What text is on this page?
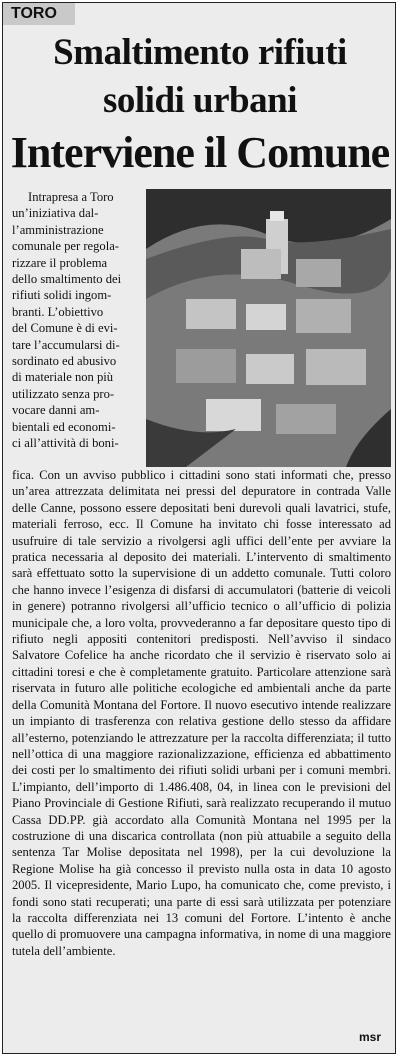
TORO
Smaltimento rifiuti
solidi urbani
Interviene il Comune

Intrapresa a Toro
un’iniziativa dal-
l’amministrazione
comunale per regola-
rizzare il problema
dello smaltimento dei
rifiuti solidi ingom-
branti. L’obiettivo
del Comune è di evi-
tare l’accumularsi di-
sordinato ed abusivo
di materiale non più
utilizzato senza pro-
vocare danni am-
bientali ed economi-
ci all’attività di boni-

fica. Con un avviso pubblico i cittadini sono stati informati che, presso un’area attrezzata delimitata nei pressi del depuratore in contrada Valle delle Canne, possono essere depositati beni durevoli quali lavatrici, stufe, materiali ferroso, ecc. Il Comune ha invitato chi fosse interessato ad usufruire di tale servizio a rivolgersi agli uffici dell’ente per avviare la pratica necessaria al deposito dei materiali. L’intervento di smaltimento sarà effettuato sotto la supervisione di un addetto comunale. Tutti coloro che hanno invece l’esigenza di disfarsi di accumulatori (batterie di veicoli in genere) potranno rivolgersi all’ufficio tecnico o all’ufficio di polizia municipale che, a loro volta, provvederanno a far depositare questo tipo di rifiuto negli appositi contenitori predisposti. Nell’avviso il sindaco Salvatore Cofelice ha anche ricordato che il servizio è riservato solo ai cittadini toresi e che è completamente gratuito. Particolare attenzione sarà riservata in futuro alle politiche ecologiche ed ambientali anche da parte della Comunità Montana del Fortore. Il nuovo esecutivo intende realizzare un impianto di trasferenza con relativa gestione dello stesso da affidare all’esterno, potenziando le attrezzature per la raccolta differenziata; il tutto nell’ottica di una maggiore razionalizzazione, efficienza ed abbattimento dei costi per lo smaltimento dei rifiuti solidi urbani per i comuni membri. L’impianto, dell’importo di 1.486.408, 04, in linea con le previsioni del Piano Provinciale di Gestione Rifiuti, sarà realizzato recuperando il mutuo Cassa DD.PP. già accordato alla Comunità Montana nel 1995 per la costruzione di una discarica controllata (non più attuabile a seguito della sentenza Tar Molise depositata nel 1998), per la cui devoluzione la Regione Molise ha già concesso il previsto nulla osta in data 10 agosto 2005. Il vicepresidente, Mario Lupo, ha comunicato che, come previsto, i fondi sono stati recuperati; una parte di essi sarà utilizzata per potenziare la raccolta differenziata nei 13 comuni del Fortore. L’intento è anche quello di promuovere una campagna informativa, in nome di una maggiore tutela dell’ambiente.

msr
